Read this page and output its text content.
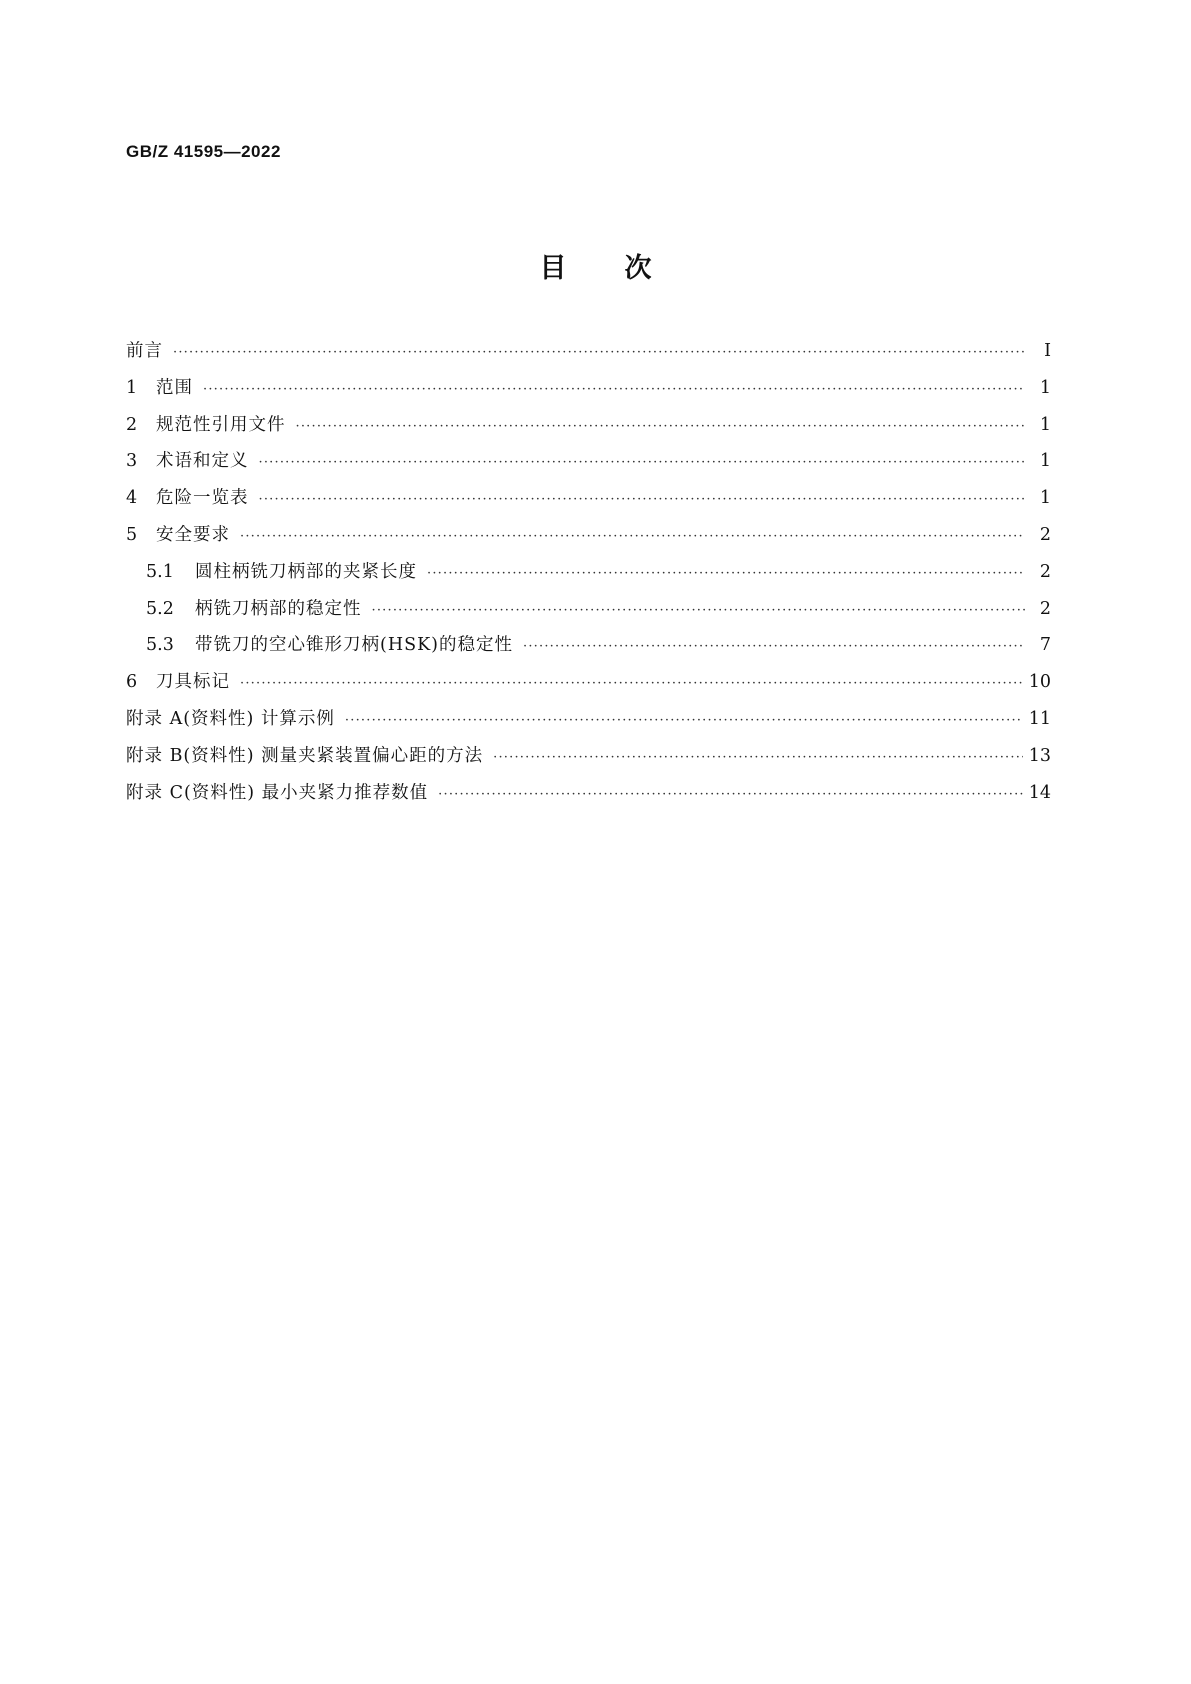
GB/Z 41595—2022
目次
前言 ·····	Ⅰ
1	范围 ·····	1
2	规范性引用文件 ·····	1
3	术语和定义 ·····	1
4	危险一览表 ·····	1
5	安全要求 ·····	2
5.1	圆柱柄铣刀柄部的夹紧长度 ·····	2
5.2	柄铣刀柄部的稳定性 ·····	2
5.3	带铣刀的空心锥形刀柄(HSK)的稳定性 ·····	7
6	刀具标记 ·····	10
附录 A(资料性) 计算示例 ·····	11
附录 B(资料性) 测量夹紧装置偏心距的方法 ·····	13
附录 C(资料性) 最小夹紧力推荐数值 ·····	14
